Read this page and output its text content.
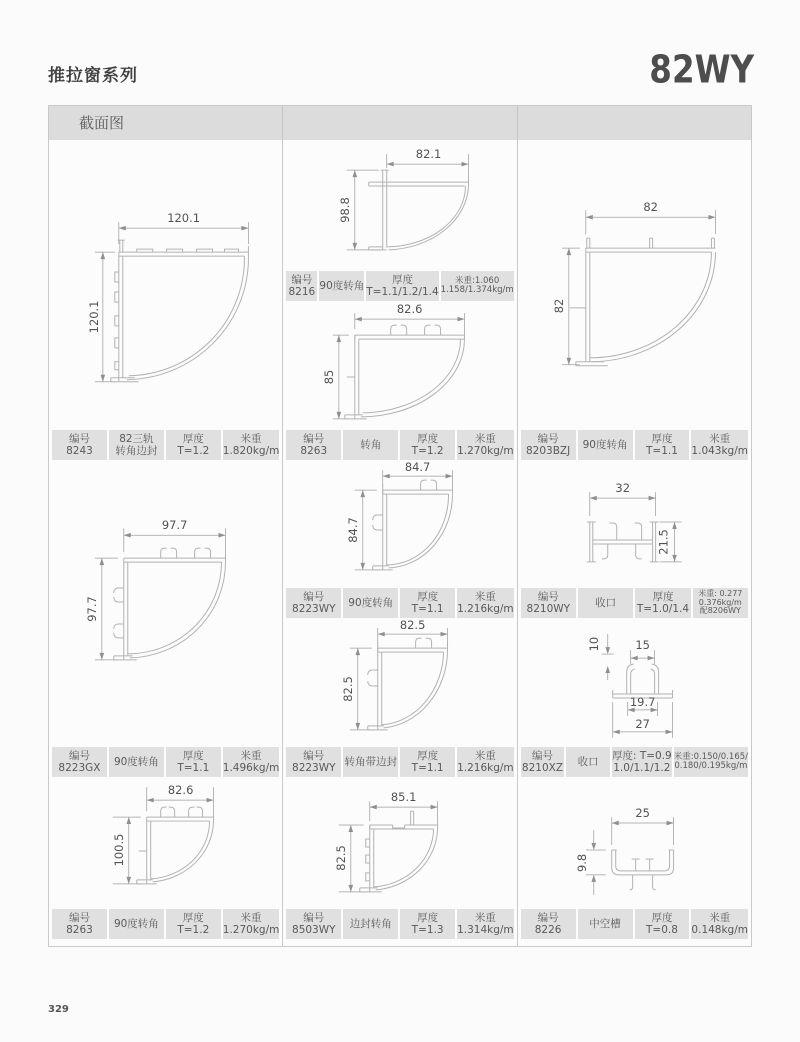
推拉窗系列	82WY
截面图
120.1
120.1
编号
8243
82三轨
转角边封
厚度
T=1.2
米重
1.820kg/m
97.7
97.7
编号
8223GX
90度转角
厚度
T=1.1
米重
1.496kg/m
82.6
100.5
编号
8263
90度转角
厚度
T=1.2
米重
1.270kg/m
82.1
98.8
编号
8216
90度转角
厚度
T=1.1/1.2/1.4
米重:1.060
1.158/1.374kg/m
82.6
85
编号
8263
转角
厚度
T=1.2
米重
1.270kg/m
84.7
84.7
编号
8223WY
90度转角
厚度
T=1.1
米重
1.216kg/m
82.5
82.5
编号
8223WY
转角带边封
厚度
T=1.1
米重
1.216kg/m
85.1
82.5
编号
8503WY
边封转角
厚度
T=1.3
米重
1.314kg/m
82
82
编号
8203BZJ
90度转角
厚度
T=1.1
米重
1.043kg/m
32
21.5
编号
8210WY
收口
厚度
T=1.0/1.4
米重: 0.277
0.376kg/m
配8206WY
10	15
19.7
27
编号
8210XZ
收口
厚度: T=0.9
1.0/1.1/1.2
米重:0.150/0.165/
0.180/0.195kg/m
25
9.8
编号
8226
中空槽
厚度
T=0.8
米重
0.148kg/m
329
